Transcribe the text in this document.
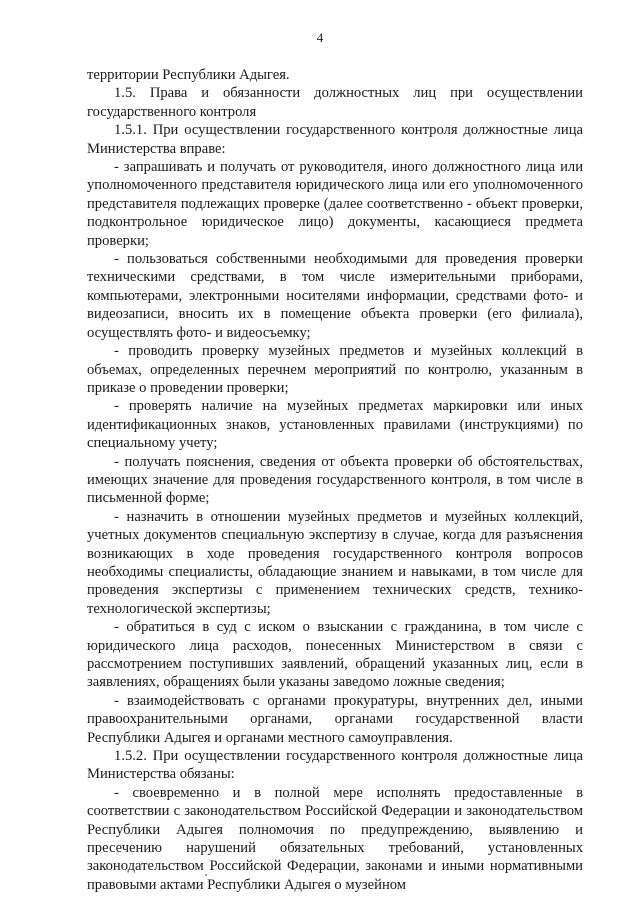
4

территории Республики Адыгея.

1.5. Права и обязанности должностных лиц при осуществлении государственного контроля

1.5.1. При осуществлении государственного контроля должностные лица Министерства вправе:

- запрашивать и получать от руководителя, иного должностного лица или уполномоченного представителя юридического лица или его уполномоченного представителя подлежащих проверке (далее соответственно - объект проверки, подконтрольное юридическое лицо) документы, касающиеся предмета проверки;

- пользоваться собственными необходимыми для проведения проверки техническими средствами, в том числе измерительными приборами, компьютерами, электронными носителями информации, средствами фото- и видеозаписи, вносить их в помещение объекта проверки (его филиала), осуществлять фото- и видеосъемку;

- проводить проверку музейных предметов и музейных коллекций в объемах, определенных перечнем мероприятий по контролю, указанным в приказе о проведении проверки;

- проверять наличие на музейных предметах маркировки или иных идентификационных знаков, установленных правилами (инструкциями) по специальному учету;

- получать пояснения, сведения от объекта проверки об обстоятельствах, имеющих значение для проведения государственного контроля, в том числе в письменной форме;

- назначить в отношении музейных предметов и музейных коллекций, учетных документов специальную экспертизу в случае, когда для разъяснения возникающих в ходе проведения государственного контроля вопросов необходимы специалисты, обладающие знанием и навыками, в том числе для проведения экспертизы с применением технических средств, технико-технологической экспертизы;

- обратиться в суд с иском о взыскании с гражданина, в том числе с юридического лица расходов, понесенных Министерством в связи с рассмотрением поступивших заявлений, обращений указанных лиц, если в заявлениях, обращениях были указаны заведомо ложные сведения;

- взаимодействовать с органами прокуратуры, внутренних дел, иными правоохранительными органами, органами государственной власти Республики Адыгея и органами местного самоуправления.

1.5.2. При осуществлении государственного контроля должностные лица Министерства обязаны:

- своевременно и в полной мере исполнять предоставленные в соответствии с законодательством Российской Федерации и законодательством Республики Адыгея полномочия по предупреждению, выявлению и пресечению нарушений обязательных требований, установленных законодательством Российской Федерации, законами и иными нормативными правовыми актами Республики Адыгея о музейном
